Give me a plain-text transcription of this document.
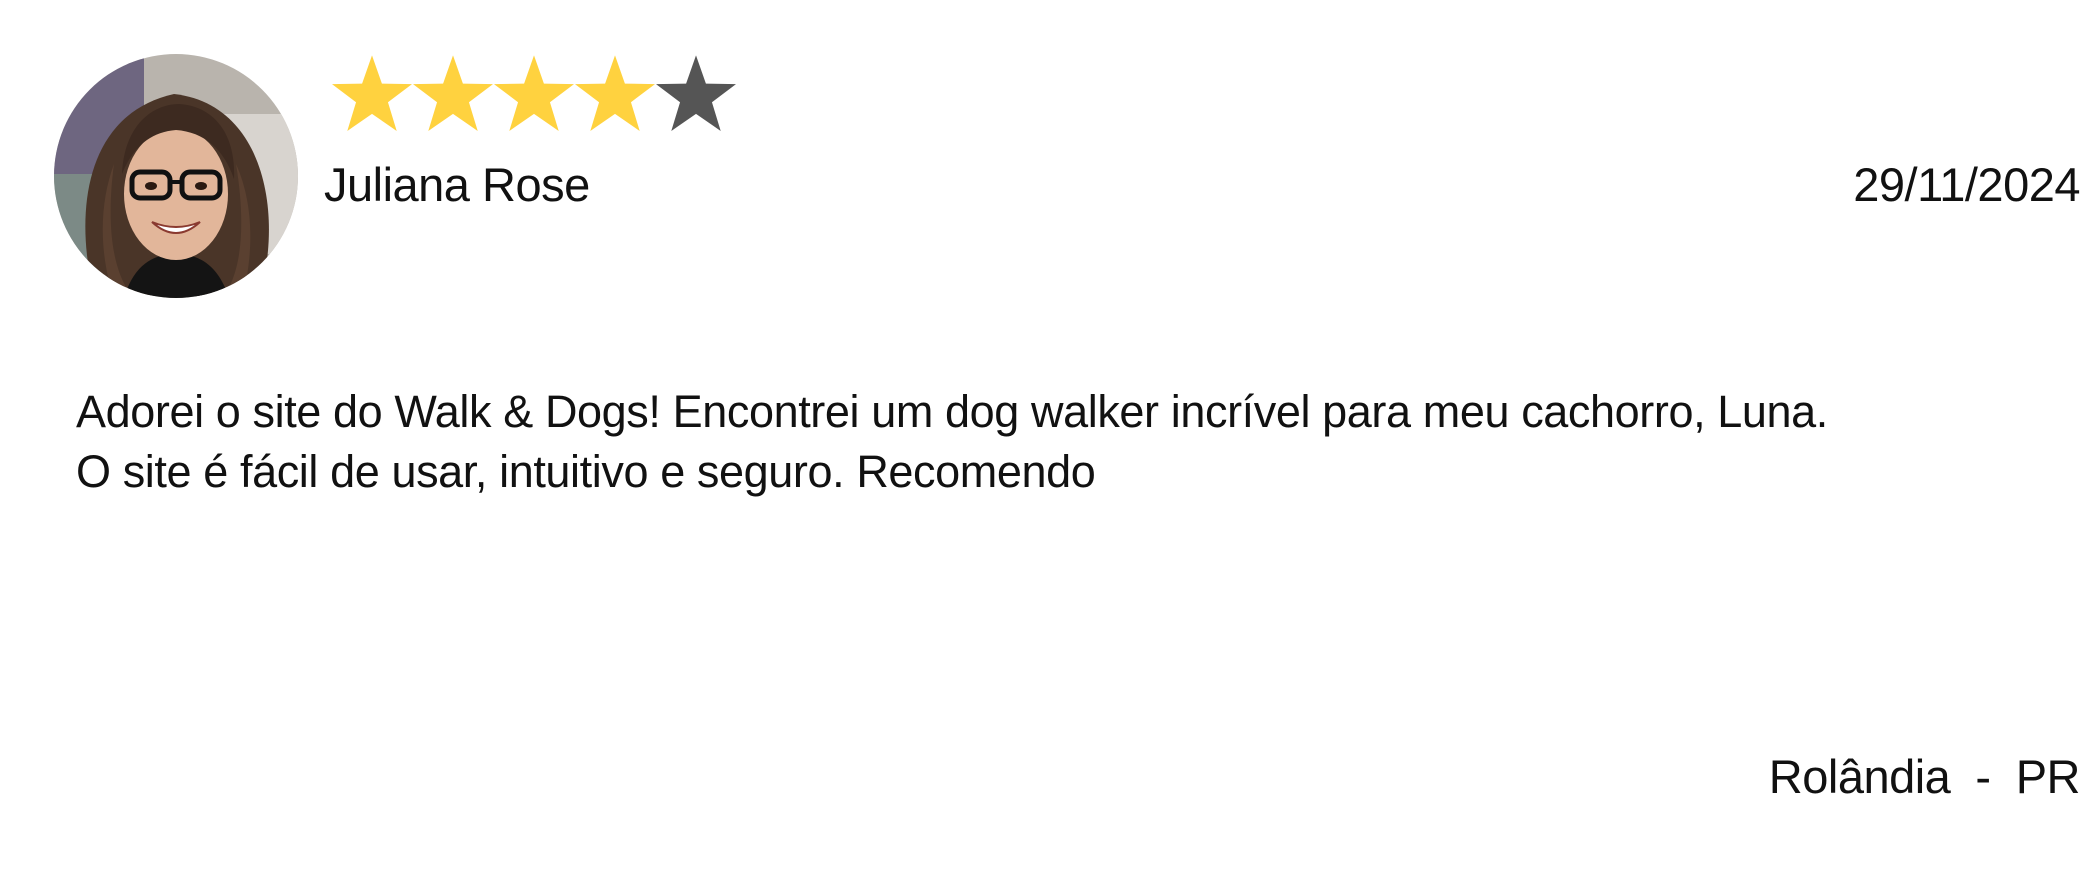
Juliana Rose	29/11/2024

Adorei o site do Walk & Dogs! Encontrei um dog walker incrível para meu cachorro, Luna.

O site é fácil de usar, intuitivo e seguro. Recomendo

Rolândia  -  PR
